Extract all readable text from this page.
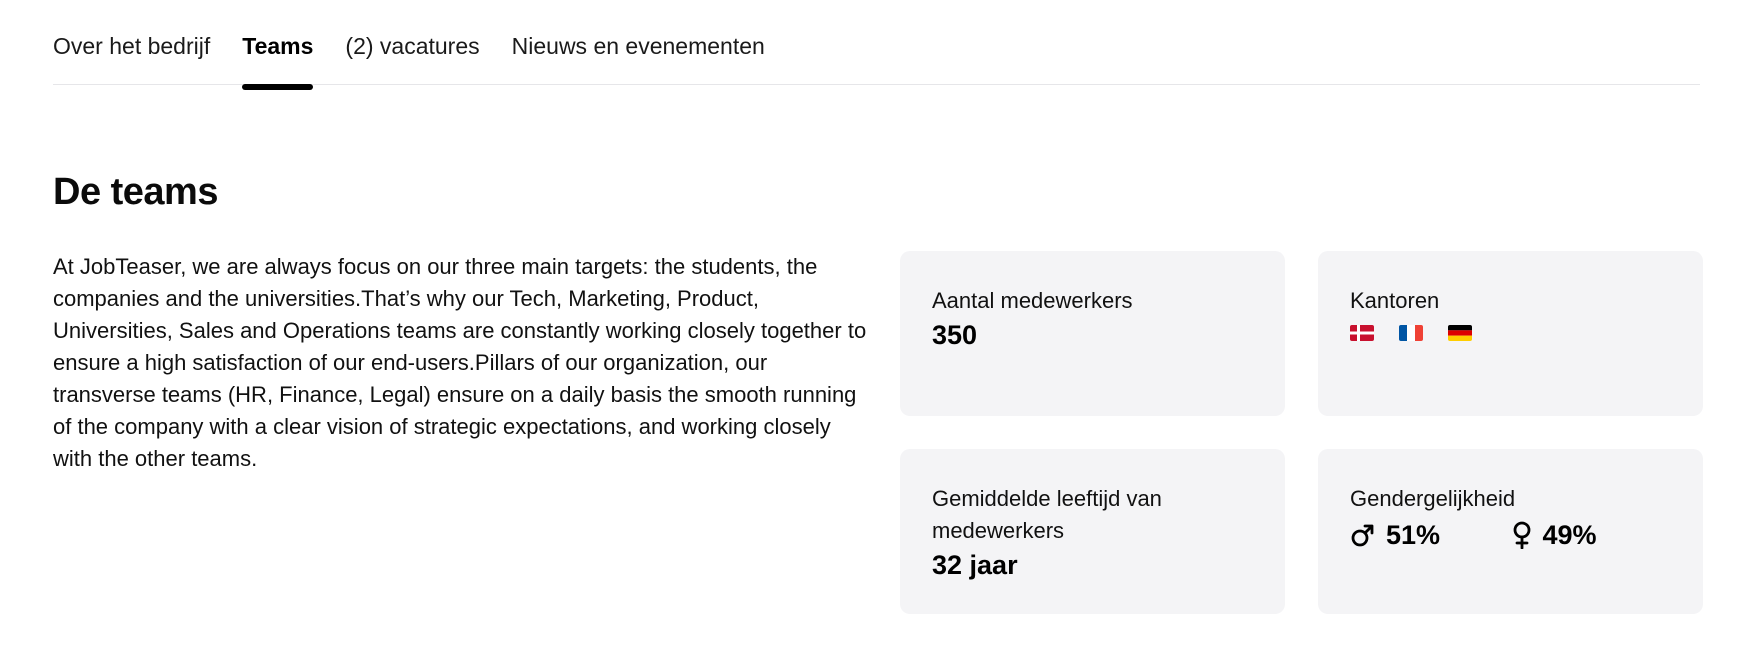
Over het bedrijf Teams (2) vacatures Nieuws en evenementen
De teams

At JobTeaser, we are always focus on our three main targets: the students, the companies and the universities.That’s why our Tech, Marketing, Product, Universities, Sales and Operations teams are constantly working closely together to ensure a high satisfaction of our end-users.Pillars of our organization, our transverse teams (HR, Finance, Legal) ensure on a daily basis the smooth running of the company with a clear vision of strategic expectations, and working closely with the other teams.

Aantal medewerkers
350
Kantoren
Gemiddelde leeftijd van medewerkers
32 jaar
Gendergelijkheid
51%	49%
